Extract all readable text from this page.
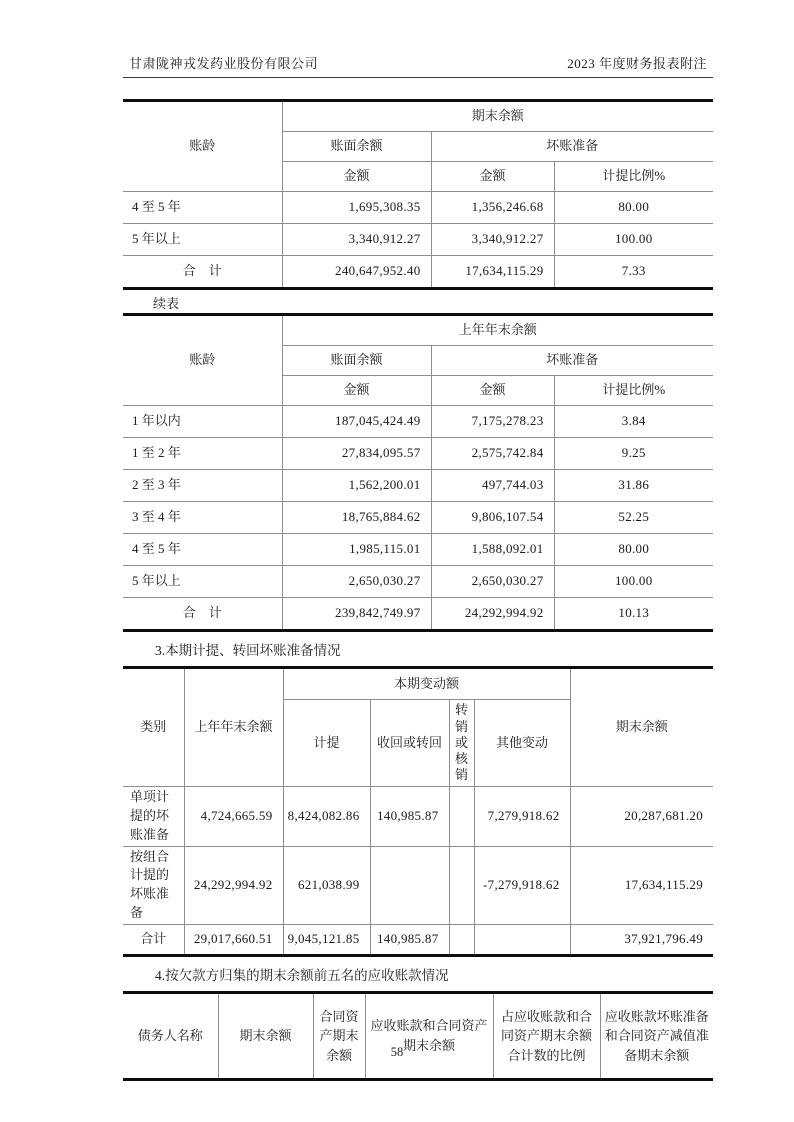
甘肃陇神戎发药业股份有限公司	2023 年度财务报表附注
账龄	期末余额		
	账面余额	坏账准备	
	金额	金额	计提比例%
4 至 5 年	1,695,308.35	1,356,246.68	80.00
5 年以上	3,340,912.27	3,340,912.27	100.00
合　计	240,647,952.40	17,634,115.29	7.33
续表
账龄	上年年末余额		
	账面余额	坏账准备	
	金额	金额	计提比例%
1 年以内	187,045,424.49	7,175,278.23	3.84
1 至 2 年	27,834,095.57	2,575,742.84	9.25
2 至 3 年	1,562,200.01	497,744.03	31.86
3 至 4 年	18,765,884.62	9,806,107.54	52.25
4 至 5 年	1,985,115.01	1,588,092.01	80.00
5 年以上	2,650,030.27	2,650,030.27	100.00
合　计	239,842,749.97	24,292,994.92	10.13
3.本期计提、转回坏账准备情况
类别	上年年末余额	本期变动额				期末余额
		计提	收回或转回	转销或核销	其他变动	
单项计提的坏账准备	4,724,665.59	8,424,082.86	140,985.87		7,279,918.62	20,287,681.20
按组合计提的坏账准备	24,292,994.92	621,038.99			-7,279,918.62	17,634,115.29
合计	29,017,660.51	9,045,121.85	140,985.87			37,921,796.49
4.按欠款方归集的期末余额前五名的应收账款情况
债务人名称	期末余额	合同资产期末余额	应收账款和合同资产期末余额	占应收账款和合同资产期末余额合计数的比例	应收账款坏账准备和合同资产减值准备期末余额
58
